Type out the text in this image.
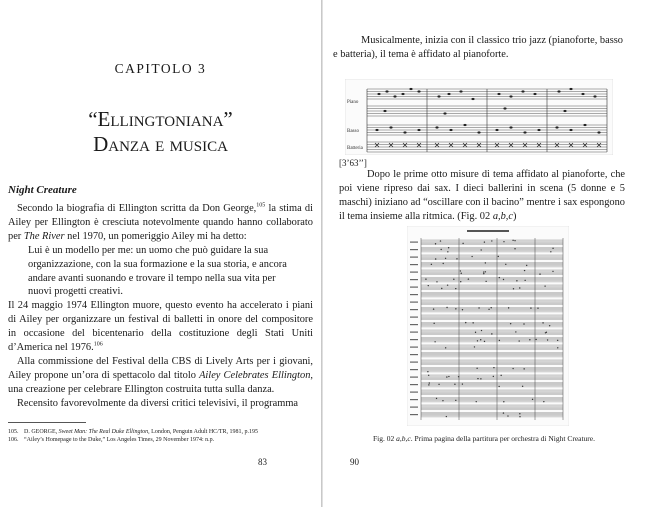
CAPITOLO 3
“Ellingtoniana”
Danza e musica
Night Creature

Secondo la biografia di Ellington scritta da Don George,$^{105}$ la stima di Ailey per Ellington è cresciuta notevolmente quando hanno collaborato per The River nel 1970, un pomeriggio Ailey mi ha detto:

Lui è un modello per me: un uomo che può guidare la sua organizzazione, con la sua formazione e la sua storia, e ancora andare avanti suonando e trovare il tempo nella sua vita per nuovi progetti creativi.

Il 24 maggio 1974 Ellington muore, questo evento ha accelerato i piani di Ailey per organizzare un festival di balletti in onore del compositore in occasione del bicentenario della costituzione degli Stati Uniti d’America nel 1976.$^{106}$

Alla commissione del Festival della CBS di Lively Arts per i giovani, Ailey propone un’ora di spettacolo dal titolo Ailey Celebrates Ellington, una creazione per celebrare Ellington costruita tutta sulla danza.

Recensito favorevolmente da diversi critici televisivi, il programma

105. D. GEORGE, Sweet Man: The Real Duke Ellington, London, Penguin Adult HC/TR, 1981, p.195
106. “Ailey’s Homepage to the Duke,” Los Angeles Times, 29 November 1974: n.p.
83

Musicalmente, inizia con il classico trio jazz (pianoforte, basso e batteria), il tema è affidato al pianoforte.

Piano
Basso
Batteria
[3’63’’]

Dopo le prime otto misure di tema affidato al pianoforte, che poi viene ripreso dai sax. I dieci ballerini in scena (5 donne e 5 maschi) iniziano ad “oscillare con il bacino” mentre i sax espongono il tema insieme alla ritmica. (Fig. 02 a,b,c)

Fig. 02 a,b,c. Prima pagina della partitura per orchestra di Night Creature.
90
